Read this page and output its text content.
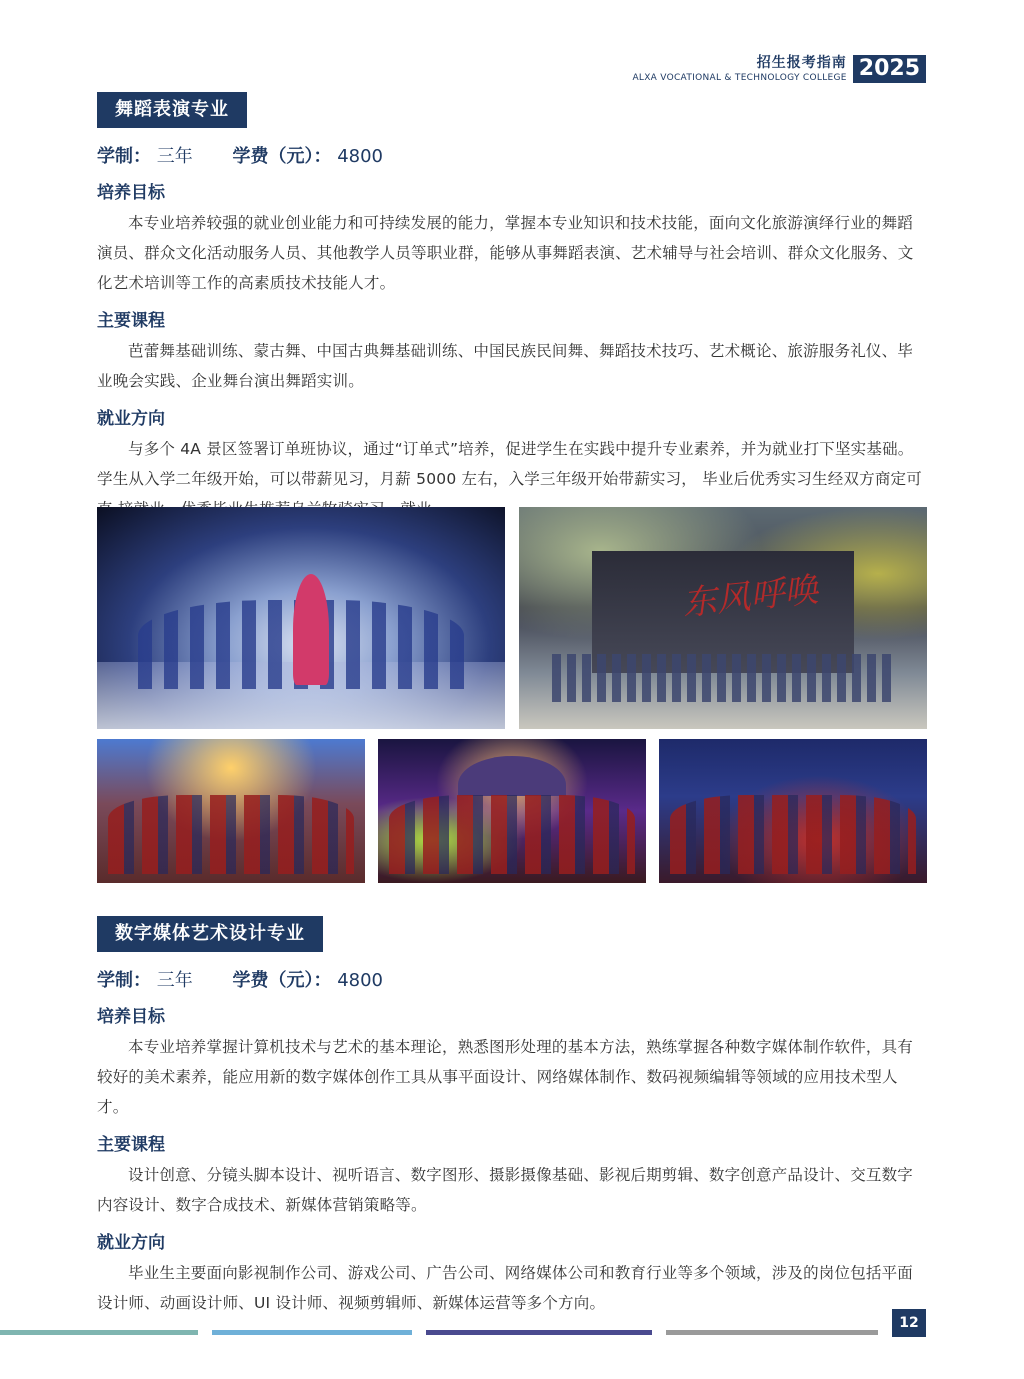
招生报考指南
ALXA VOCATIONAL & TECHNOLOGY COLLEGE 2025
舞蹈表演专业
学制： 三年 学费（元）： 4800
培养目标
本专业培养较强的就业创业能力和可持续发展的能力，掌握本专业知识和技术技能，面向文化旅游演绎行业的舞蹈演员、群众文化活动服务人员、其他教学人员等职业群，能够从事舞蹈表演、艺术辅导与社会培训、群众文化服务、文化艺术培训等工作的高素质技术技能人才。
主要课程
芭蕾舞基础训练、蒙古舞、中国古典舞基础训练、中国民族民间舞、舞蹈技术技巧、艺术概论、旅游服务礼仪、毕业晚会实践、企业舞台演出舞蹈实训。
就业方向
与多个 4A 景区签署订单班协议，通过“订单式”培养，促进学生在实践中提升专业素养，并为就业打下坚实基础。学生从入学二年级开始，可以带薪见习，月薪 5000 左右，入学三年级开始带薪实习， 毕业后优秀实习生经双方商定可
东风呼唤
数字媒体艺术设计专业
学制： 三年 学费（元）： 4800
培养目标
本专业培养掌握计算机技术与艺术的基本理论，熟悉图形处理的基本方法，熟练掌握各种数字媒体制作软件，具有较好的美术素养，能应用新的数字媒体创作工具从事平面设计、网络媒体制作、数码视频编辑等领域的应用技术型人才。
主要课程
设计创意、分镜头脚本设计、视听语言、数字图形、摄影摄像基础、影视后期剪辑、数字创意产品设计、交互数字内容设计、数字合成技术、新媒体营销策略等。
就业方向
毕业生主要面向影视制作公司、游戏公司、广告公司、网络媒体公司和教育行业等多个领域，涉及的岗位包括平面设计师、动画设计师、UI 设计师、视频剪辑师、新媒体运营等多个方向。
12
